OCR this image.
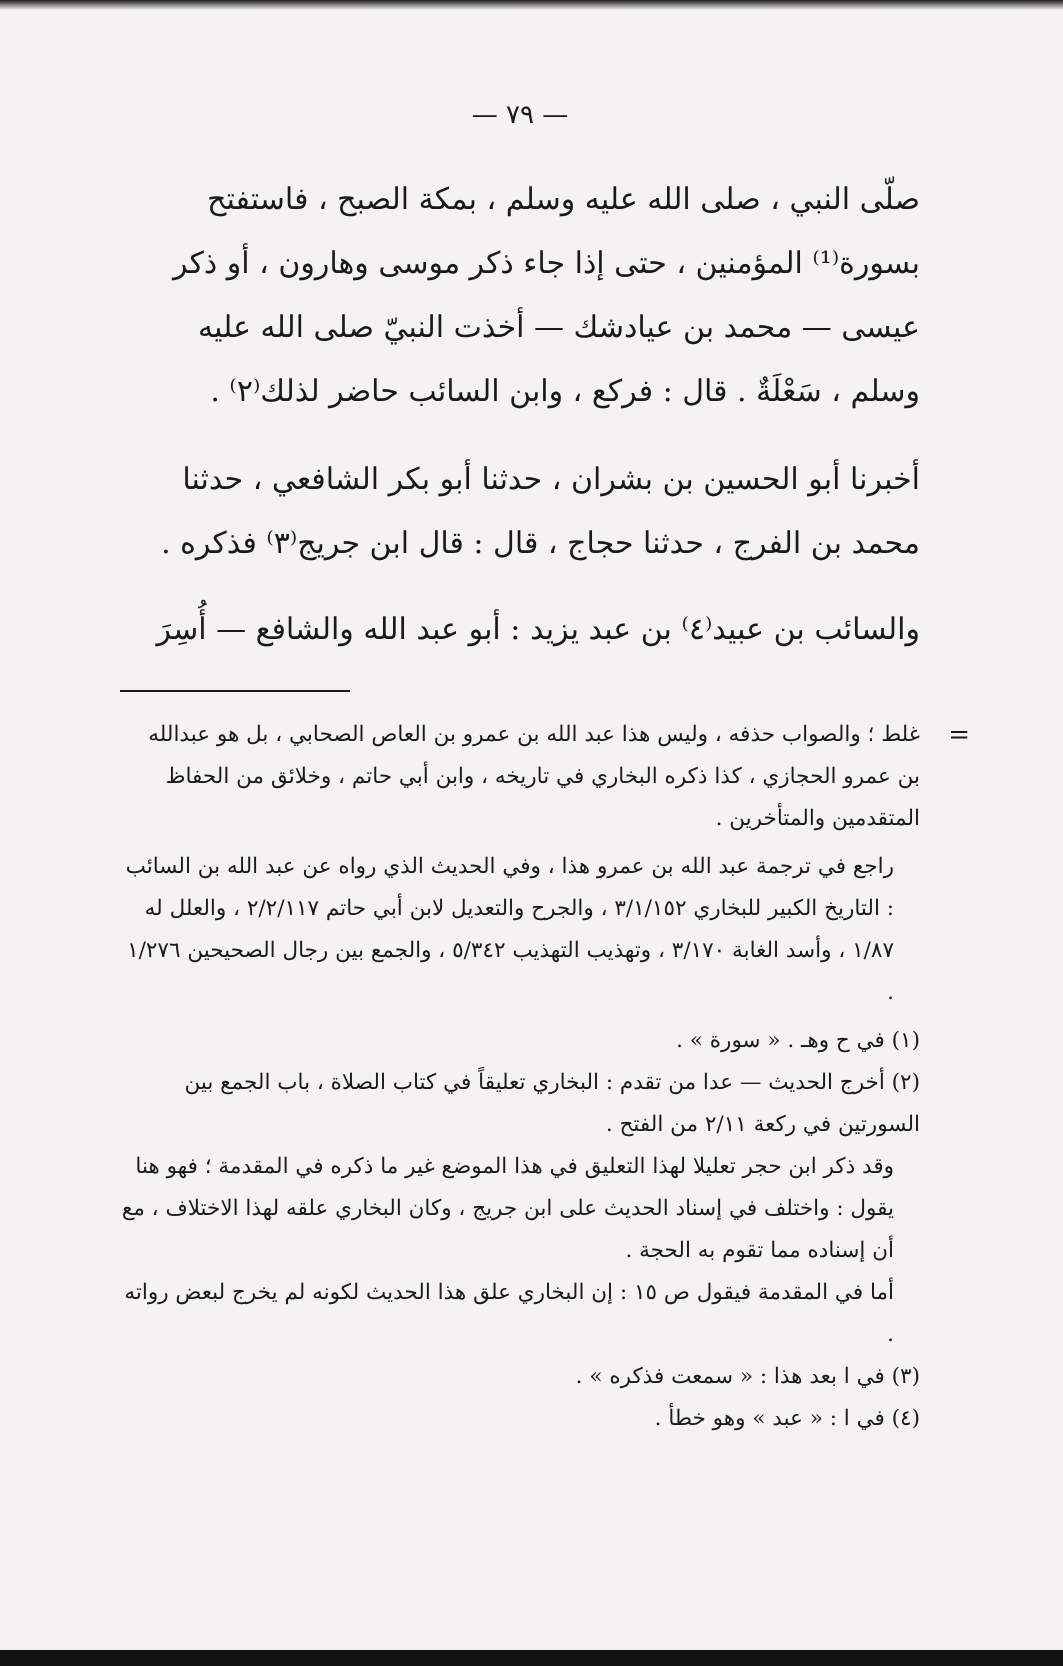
— ٧٩ —

صلّى النبي ، صلى الله عليه وسلم ، بمكة الصبح ، فاستفتح بسورة⁽¹⁾ المؤمنين ، حتى إذا جاء ذكر موسى وهارون ، أو ذكر عيسى — محمد بن عيادشك — أخذت النبيّ صلى الله عليه وسلم ، سَعْلَةٌ . قال : فركع ، وابن السائب حاضر لذلك⁽٢⁾ .

أخبرنا أبو الحسين بن بشران ، حدثنا أبو بكر الشافعي ، حدثنا محمد بن الفرج ، حدثنا حجاج ، قال : قال ابن جريج⁽٣⁾ فذكره .

والسائب بن عبيد⁽٤⁾ بن عبد يزيد : أبو عبد الله والشافع — أُسِرَ

=

غلط ؛ والصواب حذفه ، وليس هذا عبد الله بن عمرو بن العاص الصحابي ، بل هو عبدالله بن عمرو الحجازي ، كذا ذكره البخاري في تاريخه ، وابن أبي حاتم ، وخلائق من الحفاظ المتقدمين والمتأخرين .

راجع في ترجمة عبد الله بن عمرو هذا ، وفي الحديث الذي رواه عن عبد الله بن السائب : التاريخ الكبير للبخاري ٣/١/١٥٢ ، والجرح والتعديل لابن أبي حاتم ٢/٢/١١٧ ، والعلل له ١/٨٧ ، وأسد الغابة ٣/١٧٠ ، وتهذيب التهذيب ٥/٣٤٢ ، والجمع بين رجال الصحيحين ١/٢٧٦ .

(١) في ح وهـ . « سورة » .

(٢) أخرج الحديث — عدا من تقدم : البخاري تعليقاً في كتاب الصلاة ، باب الجمع بين السورتين في ركعة ٢/١١ من الفتح .

وقد ذكر ابن حجر تعليلا لهذا التعليق في هذا الموضع غير ما ذكره في المقدمة ؛ فهو هنا يقول : واختلف في إسناد الحديث على ابن جريج ، وكان البخاري علقه لهذا الاختلاف ، مع أن إسناده مما تقوم به الحجة .

أما في المقدمة فيقول ص ١٥ : إن البخاري علق هذا الحديث لكونه لم يخرج لبعض رواته .

(٣) في ا بعد هذا : « سمعت فذكره » .

(٤) في ا : « عبد » وهو خطأ .
